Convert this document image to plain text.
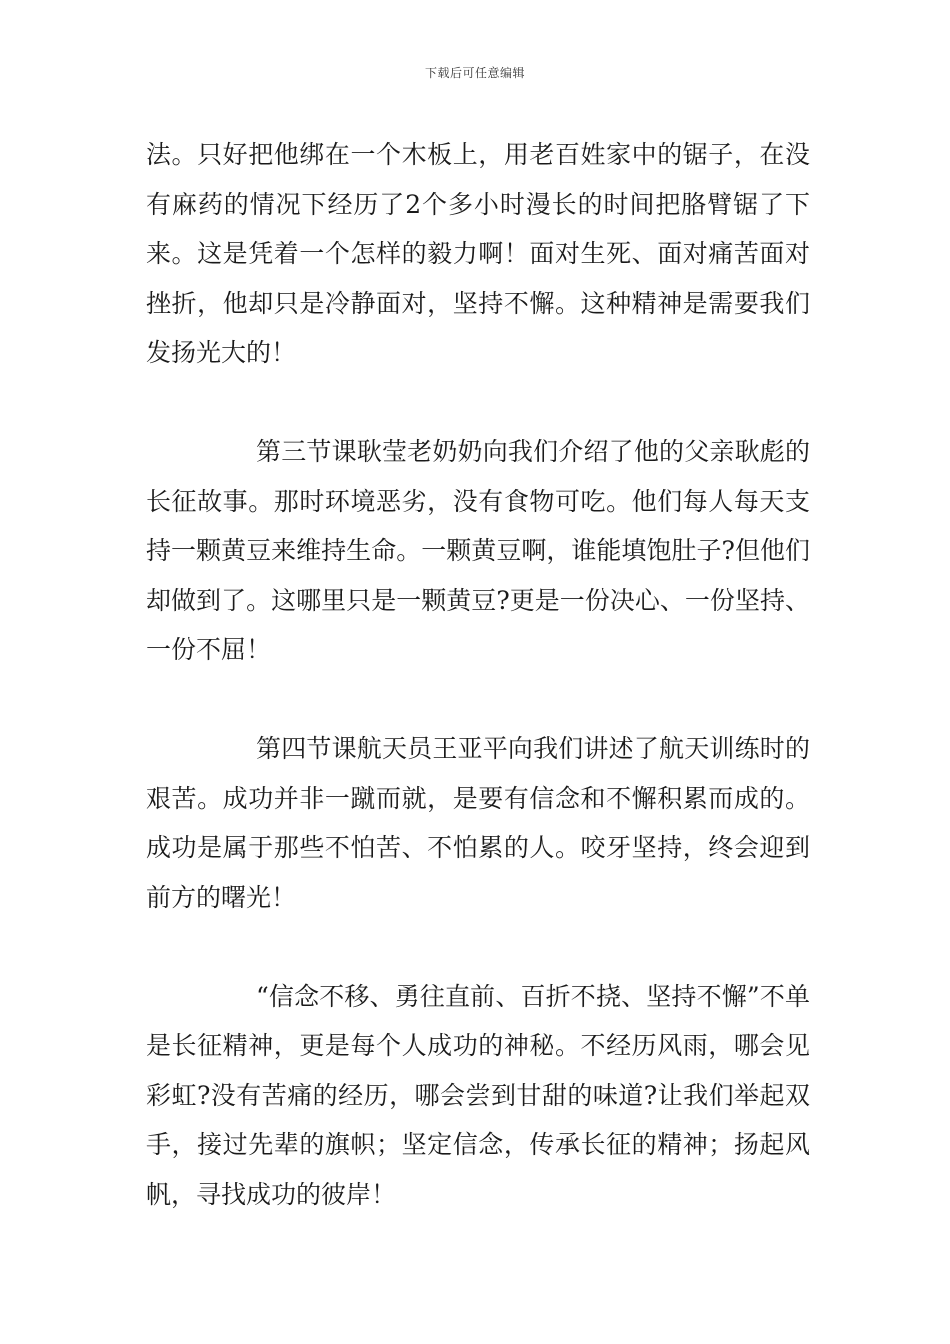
下载后可任意编辑

法。只好把他绑在一个木板上，用老百姓家中的锯子，在没有麻药的情况下经历了2个多小时漫长的时间把胳臂锯了下来。这是凭着一个怎样的毅力啊！面对生死、面对痛苦面对挫折，他却只是冷静面对，坚持不懈。这种精神是需要我们发扬光大的！

第三节课耿莹老奶奶向我们介绍了他的父亲耿彪的长征故事。那时环境恶劣，没有食物可吃。他们每人每天支持一颗黄豆来维持生命。一颗黄豆啊，谁能填饱肚子?但他们却做到了。这哪里只是一颗黄豆?更是一份决心、一份坚持、一份不屈！

第四节课航天员王亚平向我们讲述了航天训练时的艰苦。成功并非一蹴而就，是要有信念和不懈积累而成的。成功是属于那些不怕苦、不怕累的人。咬牙坚持，终会迎到前方的曙光！

“信念不移、勇往直前、百折不挠、坚持不懈”不单是长征精神，更是每个人成功的神秘。不经历风雨，哪会见彩虹?没有苦痛的经历，哪会尝到甘甜的味道?让我们举起双手，接过先辈的旗帜；坚定信念，传承长征的精神；扬起风帆，寻找成功的彼岸！
